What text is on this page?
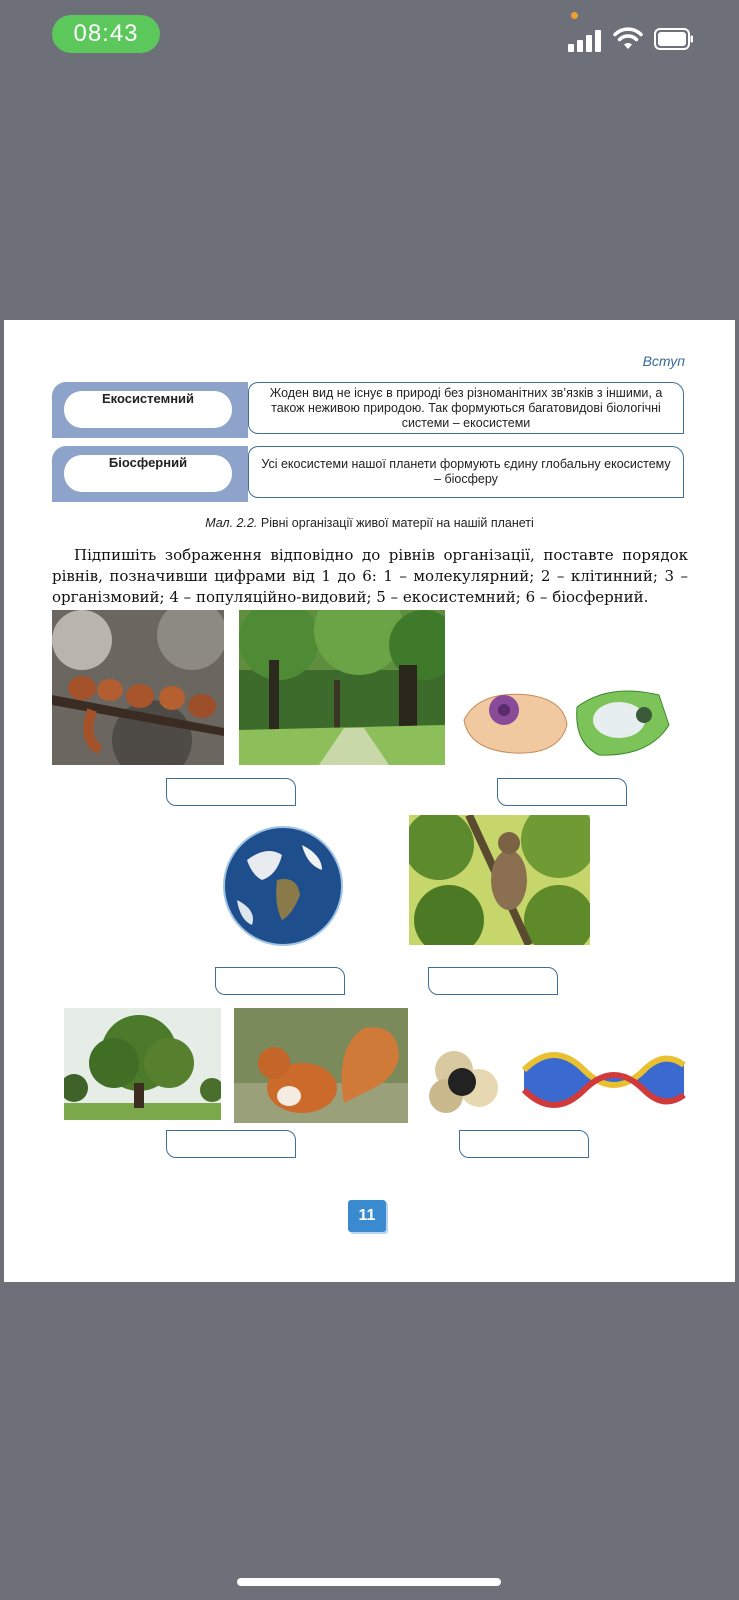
08:43
Вступ
Екосистемний	Жоден вид не існує в природі без різноманітних зв’язків з іншими, а також неживою природою. Так формуються багатовидові біологічні системи – екосистеми
Біосферний	Усі екосистеми нашої планети формують єдину глобальну екосистему – біосферу
Мал. 2.2. Рівні організації живої матерії на нашій планеті
Підпишіть зображення відповідно до рівнів організації, поставте порядок рівнів, позначивши цифрами від 1 до 6: 1 – молекулярний; 2 – клітинний; 3 – організмовий; 4 – популяційно-видовий; 5 – екосистемний; 6 – біосферний.
11
